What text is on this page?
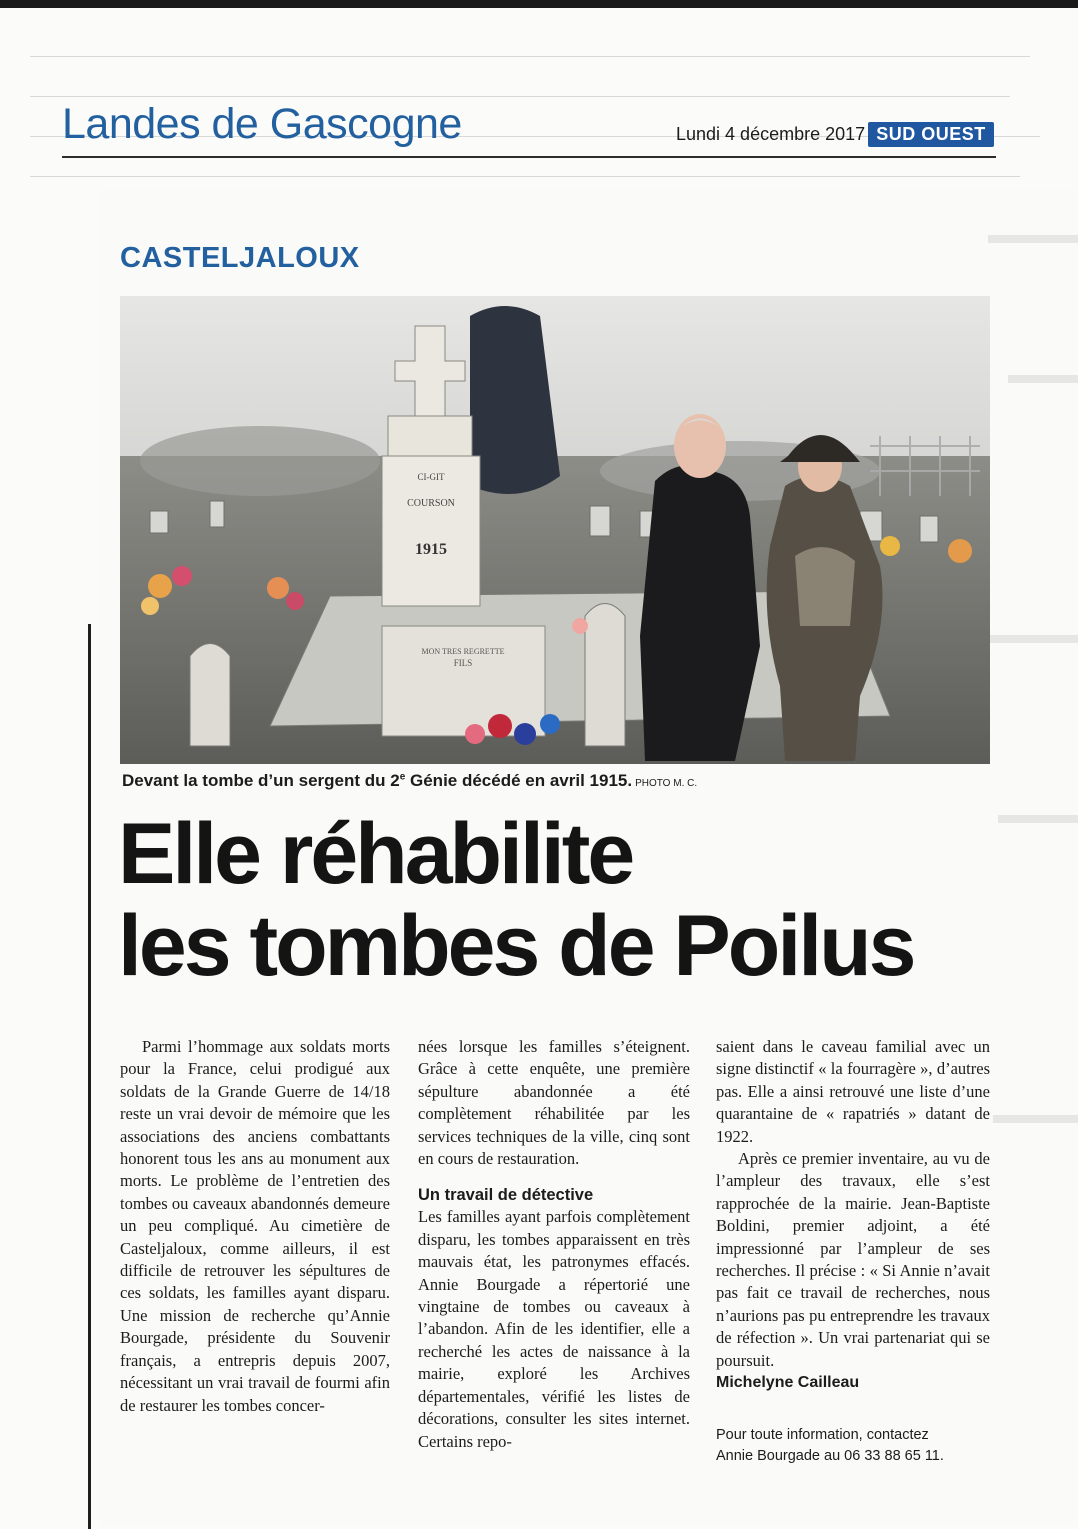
Landes de Gascogne	Lundi 4 décembre 2017 SUD OUEST
CASTELJALOUX
CI-GIT
COURSON
1915
MON TRES REGRETTE
FILS
Devant la tombe d’un sergent du 2e Génie décédé en avril 1915. PHOTO M. C.
Elle réhabilite
les tombes de Poilus

Parmi l’hommage aux soldats morts pour la France, celui prodigué aux soldats de la Grande Guerre de 14/18 reste un vrai devoir de mémoire que les associations des anciens combattants honorent tous les ans au monument aux morts. Le problème de l’entretien des tombes ou caveaux abandonnés demeure un peu compliqué. Au cimetière de Casteljaloux, comme ailleurs, il est difficile de retrouver les sépultures de ces soldats, les familles ayant disparu. Une mission de recherche qu’Annie Bourgade, présidente du Souvenir français, a entrepris depuis 2007, nécessitant un vrai travail de fourmi afin de restaurer les tombes concer-

nées lorsque les familles s’éteignent. Grâce à cette enquête, une première sépulture abandonnée a été complètement réhabilitée par les services techniques de la ville, cinq sont en cours de restauration.

Un travail de détective

Les familles ayant parfois complètement disparu, les tombes apparaissent en très mauvais état, les patronymes effacés. Annie Bourgade a répertorié une vingtaine de tombes ou caveaux à l’abandon. Afin de les identifier, elle a recherché les actes de naissance à la mairie, exploré les Archives départementales, vérifié les listes de décorations, consulter les sites internet. Certains repo-

saient dans le caveau familial avec un signe distinctif « la fourragère », d’autres pas. Elle a ainsi retrouvé une liste d’une quarantaine de « rapatriés » datant de 1922.

Après ce premier inventaire, au vu de l’ampleur des travaux, elle s’est rapprochée de la mairie. Jean-Baptiste Boldini, premier adjoint, a été impressionné par l’ampleur de ses recherches. Il précise : « Si Annie n’avait pas fait ce travail de recherches, nous n’aurions pas pu entreprendre les travaux de réfection ». Un vrai partenariat qui se poursuit.

Michelyne Cailleau

Pour toute information, contactez
Annie Bourgade au 06 33 88 65 11.
